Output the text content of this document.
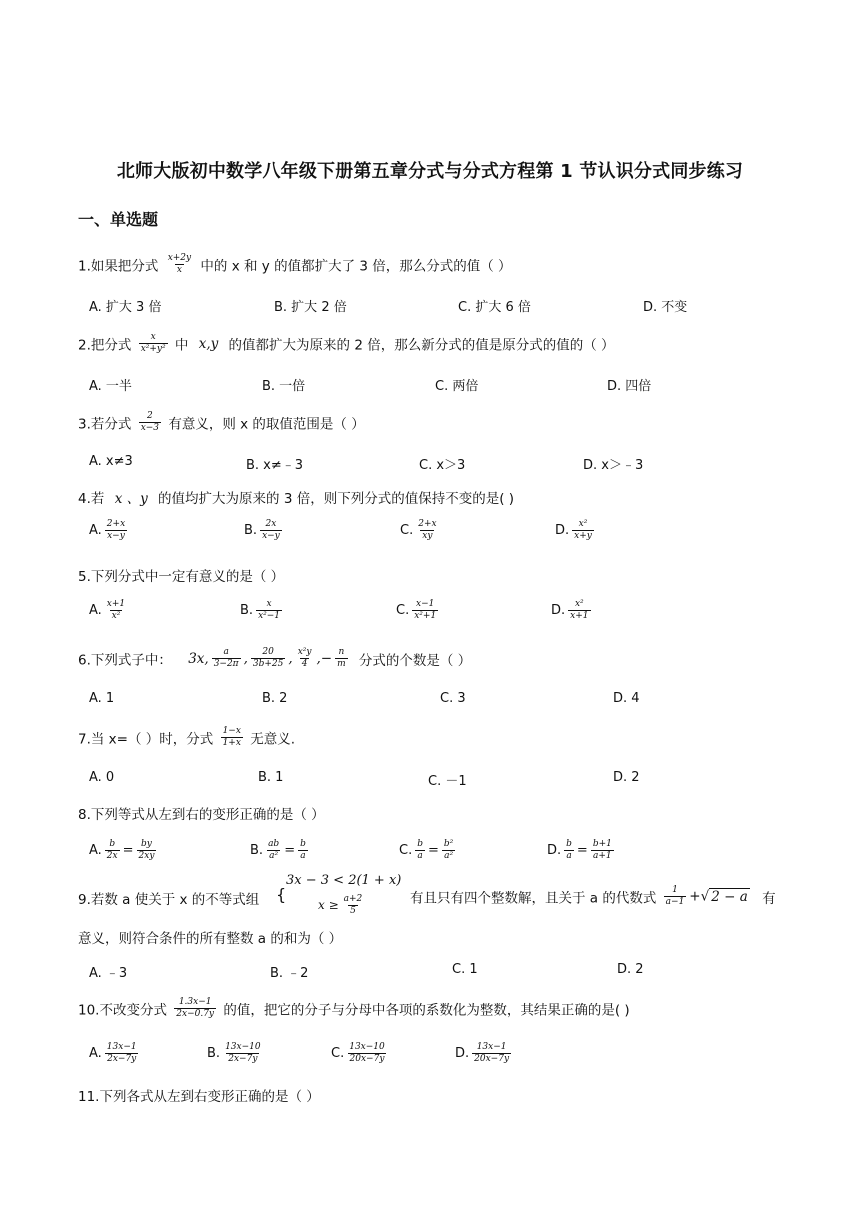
北师大版初中数学八年级下册第五章分式与分式方程第 1 节认识分式同步练习
一、单选题
1.如果把分式 $\frac{x+2y}{x}$ 中的 x 和 y 的值都扩大了 3 倍，那么分式的值（ ）
A. 扩大 3 倍	B. 扩大 2 倍	C. 扩大 6 倍	D. 不变
2.把分式 $\frac{x}{\text{x²+y²}}$ 中 x,y 的值都扩大为原来的 2 倍，那么新分式的值是原分式的值的（ ）
A. 一半	B. 一倍	C. 两倍	D. 四倍
3.若分式 $\frac{2}{x-3}$ 有意义，则 x 的取值范围是（ ）
A. x≠3	B. x≠﹣3	C. x＞3	D. x＞﹣3
4.若 x 、y 的值均扩大为原来的 3 倍，则下列分式的值保持不变的是( )
A. $\frac{2+x}{x-y}$	B. $\frac{2x}{x-y}$	C. $\frac{2+x}{xy}$	D. $\frac{\text{x²}}{x+y}$
5.下列分式中一定有意义的是（ ）
A. $\frac{x+1}{\text{x²}}$	B. $\frac{x}{\text{x²−1}}$	C. $\frac{x-1}{\text{x²+1}}$	D. $\frac{\text{x²}}{x+1}$
6.下列式子中： 3x, $\frac{a}{3-2\pi}$ , $\frac{20}{3b+25}$ , $\frac{\text{x²y}}{4}$ ,− $\frac{n}{m}$ 分式的个数是（ ）
A. 1	B. 2	C. 3	D. 4
7.当 x=（ ）时，分式 $\frac{1-x}{1+x}$ 无意义.
A. 0	B. 1	C. －1	D. 2
8.下列等式从左到右的变形正确的是（ ）
A. $\frac{b}{2x} = \frac{by}{2xy}$	B. $\frac{ab}{\text{a²}} = \frac{b}{a}$	C. $\frac{b}{a} = \frac{\text{b²}}{\text{a²}}$	D. $\frac{b}{a} = \frac{b+1}{a+1}$
9.若数 a 使关于 x 的不等式组 {
3x − 3 < 2(1 + x)
$x \ge \frac{a+2}{5}$	有且只有四个整数解，且关于 a 的代数式 $\frac{1}{a-1}$ +√ 2 − a 有
意义，则符合条件的所有整数 a 的和为（ ）
A. ﹣3	B. ﹣2	C. 1	D. 2
10.不改变分式 $\frac{1.3x-1}{2x-0.7y}$ 的值，把它的分子与分母中各项的系数化为整数，其结果正确的是( )
A. $\frac{13x-1}{2x-7y}$	B. $\frac{13x-10}{2x-7y}$	C. $\frac{13x-10}{20x-7y}$	D. $\frac{13x-1}{20x-7y}$
11.下列各式从左到右变形正确的是（ ）
